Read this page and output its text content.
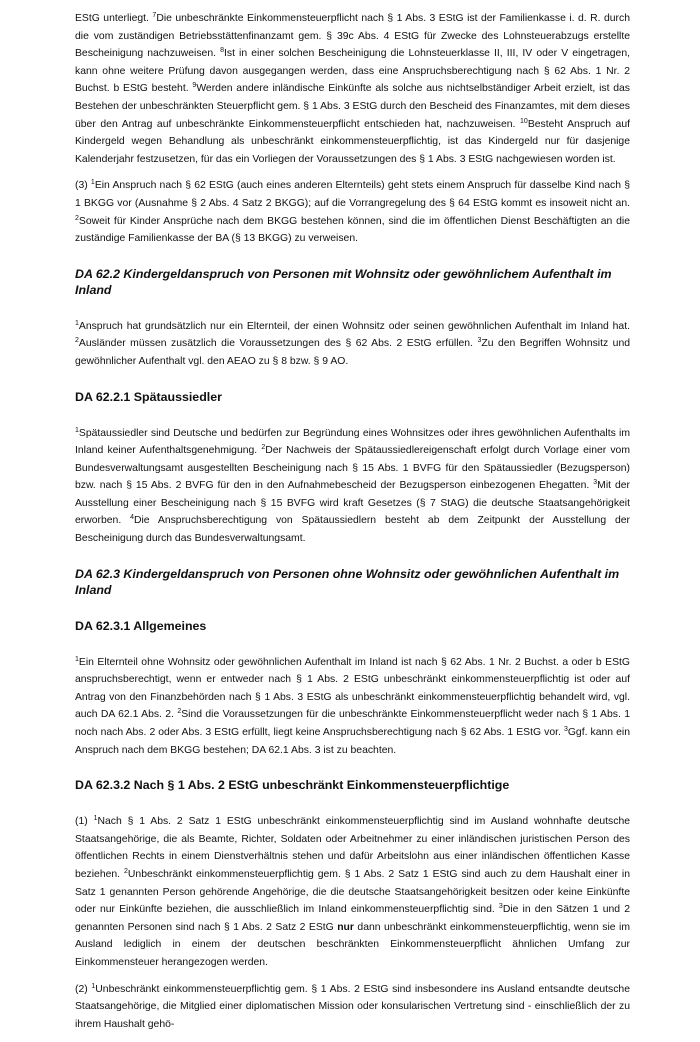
EStG unterliegt. $^7$Die unbeschränkte Einkommensteuerpflicht nach § 1 Abs. 3 EStG ist der Familienkasse i. d. R. durch die vom zuständigen Betriebsstättenfinanzamt gem. § 39c Abs. 4 EStG für Zwecke des Lohnsteuerabzugs erstellte Bescheinigung nachzuweisen. $^8$Ist in einer solchen Bescheinigung die Lohnsteuerklasse II, III, IV oder V eingetragen, kann ohne weitere Prüfung davon ausgegangen werden, dass eine Anspruchsberechtigung nach § 62 Abs. 1 Nr. 2 Buchst. b EStG besteht. $^9$Werden andere inländische Einkünfte als solche aus nichtselbständiger Arbeit erzielt, ist das Bestehen der unbeschränkten Steuerpflicht gem. § 1 Abs. 3 EStG durch den Bescheid des Finanzamtes, mit dem dieses über den Antrag auf unbeschränkte Einkommensteuerpflicht entschieden hat, nachzuweisen. $^{10}$Besteht Anspruch auf Kindergeld wegen Behandlung als unbeschränkt einkommensteuerpflichtig, ist das Kindergeld nur für dasjenige Kalenderjahr festzusetzen, für das ein Vorliegen der Voraussetzungen des § 1 Abs. 3 EStG nachgewiesen worden ist.

(3) $^1$Ein Anspruch nach § 62 EStG (auch eines anderen Elternteils) geht stets einem Anspruch für dasselbe Kind nach § 1 BKGG vor (Ausnahme § 2 Abs. 4 Satz 2 BKGG); auf die Vorrangregelung des § 64 EStG kommt es insoweit nicht an. $^2$Soweit für Kinder Ansprüche nach dem BKGG bestehen können, sind die im öffentlichen Dienst Beschäftigten an die zuständige Familienkasse der BA (§ 13 BKGG) zu verweisen.

DA 62.2 Kindergeldanspruch von Personen mit Wohnsitz oder gewöhnlichem Aufenthalt im Inland

$^1$Anspruch hat grundsätzlich nur ein Elternteil, der einen Wohnsitz oder seinen gewöhnlichen Aufenthalt im Inland hat. $^2$Ausländer müssen zusätzlich die Voraussetzungen des § 62 Abs. 2 EStG erfüllen. $^3$Zu den Begriffen Wohnsitz und gewöhnlicher Aufenthalt vgl. den AEAO zu § 8 bzw. § 9 AO.

DA 62.2.1 Spätaussiedler

$^1$Spätaussiedler sind Deutsche und bedürfen zur Begründung eines Wohnsitzes oder ihres gewöhnlichen Aufenthalts im Inland keiner Aufenthaltsgenehmigung. $^2$Der Nachweis der Spätaussiedlereigenschaft erfolgt durch Vorlage einer vom Bundesverwaltungsamt ausgestellten Bescheinigung nach § 15 Abs. 1 BVFG für den Spätaussiedler (Bezugsperson) bzw. nach § 15 Abs. 2 BVFG für den in den Aufnahmebescheid der Bezugsperson einbezogenen Ehegatten. $^3$Mit der Ausstellung einer Bescheinigung nach § 15 BVFG wird kraft Gesetzes (§ 7 StAG) die deutsche Staatsangehörigkeit erworben. $^4$Die Anspruchsberechtigung von Spätaussiedlern besteht ab dem Zeitpunkt der Ausstellung der Bescheinigung durch das Bundesverwaltungsamt.

DA 62.3 Kindergeldanspruch von Personen ohne Wohnsitz oder gewöhnlichen Aufenthalt im Inland
DA 62.3.1 Allgemeines

$^1$Ein Elternteil ohne Wohnsitz oder gewöhnlichen Aufenthalt im Inland ist nach § 62 Abs. 1 Nr. 2 Buchst. a oder b EStG anspruchsberechtigt, wenn er entweder nach § 1 Abs. 2 EStG unbeschränkt einkommensteuerpflichtig ist oder auf Antrag von den Finanzbehörden nach § 1 Abs. 3 EStG als unbeschränkt einkommensteuerpflichtig behandelt wird, vgl. auch DA 62.1 Abs. 2. $^2$Sind die Voraussetzungen für die unbeschränkte Einkommensteuerpflicht weder nach § 1 Abs. 1 noch nach Abs. 2 oder Abs. 3 EStG erfüllt, liegt keine Anspruchsberechtigung nach § 62 Abs. 1 EStG vor. $^3$Ggf. kann ein Anspruch nach dem BKGG bestehen; DA 62.1 Abs. 3 ist zu beachten.

DA 62.3.2 Nach § 1 Abs. 2 EStG unbeschränkt Einkommensteuerpflichtige

(1) $^1$Nach § 1 Abs. 2 Satz 1 EStG unbeschränkt einkommensteuerpflichtig sind im Ausland wohnhafte deutsche Staatsangehörige, die als Beamte, Richter, Soldaten oder Arbeitnehmer zu einer inländischen juristischen Person des öffentlichen Rechts in einem Dienstverhältnis stehen und dafür Arbeitslohn aus einer inländischen öffentlichen Kasse beziehen. $^2$Unbeschränkt einkommensteuerpflichtig gem. § 1 Abs. 2 Satz 1 EStG sind auch zu dem Haushalt einer in Satz 1 genannten Person gehörende Angehörige, die die deutsche Staatsangehörigkeit besitzen oder keine Einkünfte oder nur Einkünfte beziehen, die ausschließlich im Inland einkommensteuerpflichtig sind. $^3$Die in den Sätzen 1 und 2 genannten Personen sind nach § 1 Abs. 2 Satz 2 EStG nur dann unbeschränkt einkommensteuerpflichtig, wenn sie im Ausland lediglich in einem der deutschen beschränkten Einkommensteuerpflicht ähnlichen Umfang zur Einkommensteuer herangezogen werden.

(2) $^1$Unbeschränkt einkommensteuerpflichtig gem. § 1 Abs. 2 EStG sind insbesondere ins Ausland entsandte deutsche Staatsangehörige, die Mitglied einer diplomatischen Mission oder konsularischen Vertretung sind - einschließlich der zu ihrem Haushalt gehö-
